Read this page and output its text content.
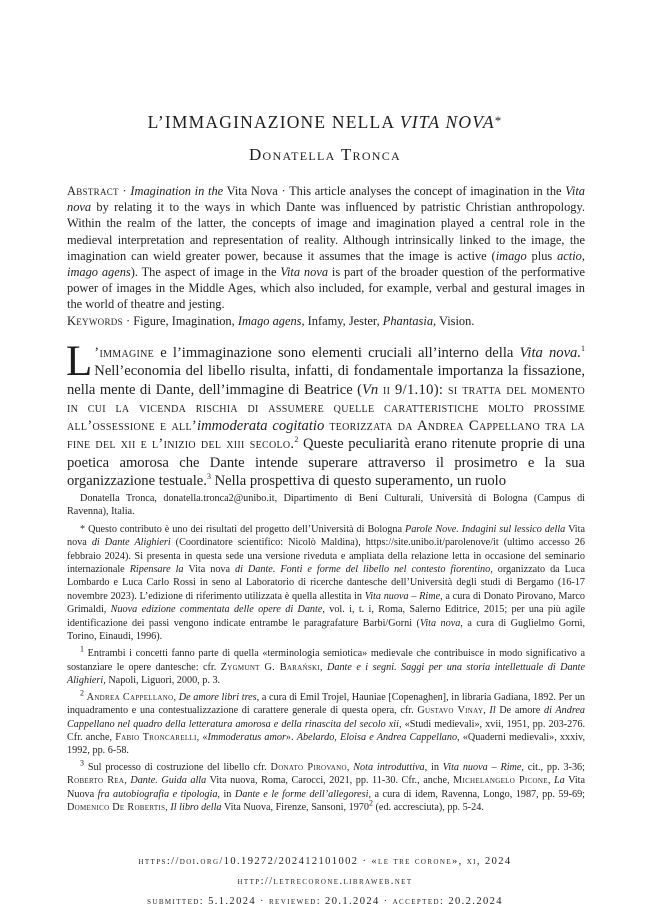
L’IMMAGINAZIONE NELLA VITA NOVA*
Donatella Tronca

Abstract · Imagination in the Vita Nova · This article analyses the concept of imagination in the Vita nova by relating it to the ways in which Dante was influenced by patristic Christian anthropology. Within the realm of the latter, the concepts of image and imagination played a central role in the medieval interpretation and representation of reality. Although intrinsically linked to the image, the imagination can wield greater power, because it assumes that the image is active (imago plus actio, imago agens). The aspect of image in the Vita nova is part of the broader question of the performative power of images in the Middle Ages, which also included, for example, verbal and gestural images in the world of theatre and jesting.

Keywords · Figure, Imagination, Imago agens, Infamy, Jester, Phantasia, Vision.

L ’immagine e l’immaginazione sono elementi cruciali all’interno della Vita nova.$^1$ Nell’economia del libello risulta, infatti, di fondamentale importanza la fissazione, nella mente di Dante, dell’immagine di Beatrice (Vn ii 9/1.10): si tratta del momento in cui la vicenda rischia di assumere quelle caratteristiche molto prossime all’ossessione e all’immoderata cogitatio teorizzata da Andrea Cappellano tra la fine del xii e l’inizio del xiii secolo.$^2$ Queste peculiarità erano ritenute proprie di una poetica amorosa che Dante intende superare attraverso il prosimetro e la sua organizzazione testuale.$^3$ Nella prospettiva di questo superamento, un ruolo

Donatella Tronca, donatella.tronca2@unibo.it, Dipartimento di Beni Culturali, Università di Bologna (Campus di Ravenna), Italia.

* Questo contributo è uno dei risultati del progetto dell’Università di Bologna Parole Nove. Indagini sul lessico della Vita nova di Dante Alighieri (Coordinatore scientifico: Nicolò Maldina), https://site.unibo.it/parolenove/it (ultimo accesso 26 febbraio 2024). Si presenta in questa sede una versione riveduta e ampliata della relazione letta in occasione del seminario internazionale Ripensare la Vita nova di Dante. Fonti e forme del libello nel contesto fiorentino, organizzato da Luca Lombardo e Luca Carlo Rossi in seno al Laboratorio di ricerche dantesche dell’Università degli studi di Bergamo (16-17 novembre 2023). L’edizione di riferimento utilizzata è quella allestita in Vita nuova – Rime, a cura di Donato Pirovano, Marco Grimaldi, Nuova edizione commentata delle opere di Dante, vol. i, t. i, Roma, Salerno Editrice, 2015; per una più agile identificazione dei passi vengono indicate entrambe le paragrafature Barbi/Gorni (Vita nova, a cura di Guglielmo Gorni, Torino, Einaudi, 1996).

$^1$ Entrambi i concetti fanno parte di quella «terminologia semiotica» medievale che contribuisce in modo significativo a sostanziare le opere dantesche: cfr. Zygmunt G. Barański, Dante e i segni. Saggi per una storia intellettuale di Dante Alighieri, Napoli, Liguori, 2000, p. 3.

$^2$ Andrea Cappellano, De amore libri tres, a cura di Emil Trojel, Hauniae [Copenaghen], in libraria Gadiana, 1892. Per un inquadramento e una contestualizzazione di carattere generale di questa opera, cfr. Gustavo Vinay, Il De amore di Andrea Cappellano nel quadro della letteratura amorosa e della rinascita del secolo xii, «Studi medievali», xvii, 1951, pp. 203-276. Cfr. anche, Fabio Troncarelli, «Immoderatus amor». Abelardo, Eloisa e Andrea Cappellano, «Quaderni medievali», xxxiv, 1992, pp. 6-58.

$^3$ Sul processo di costruzione del libello cfr. Donato Pirovano, Nota introduttiva, in Vita nuova – Rime, cit., pp. 3-36; Roberto Rea, Dante. Guida alla Vita nuova, Roma, Carocci, 2021, pp. 11-30. Cfr., anche, Michelangelo Picone, La Vita Nuova fra autobiografia e tipologia, in Dante e le forme dell’allegoresi, a cura di idem, Ravenna, Longo, 1987, pp. 59-69; Domenico De Robertis, Il libro della Vita Nuova, Firenze, Sansoni, 1970$^2$ (ed. accresciuta), pp. 5-24.

https://doi.org/10.19272/202412101002 · «le tre corone», xi, 2024
http://letrecorone.libraweb.net
submitted: 5.1.2024 · reviewed: 20.1.2024 · accepted: 20.2.2024
